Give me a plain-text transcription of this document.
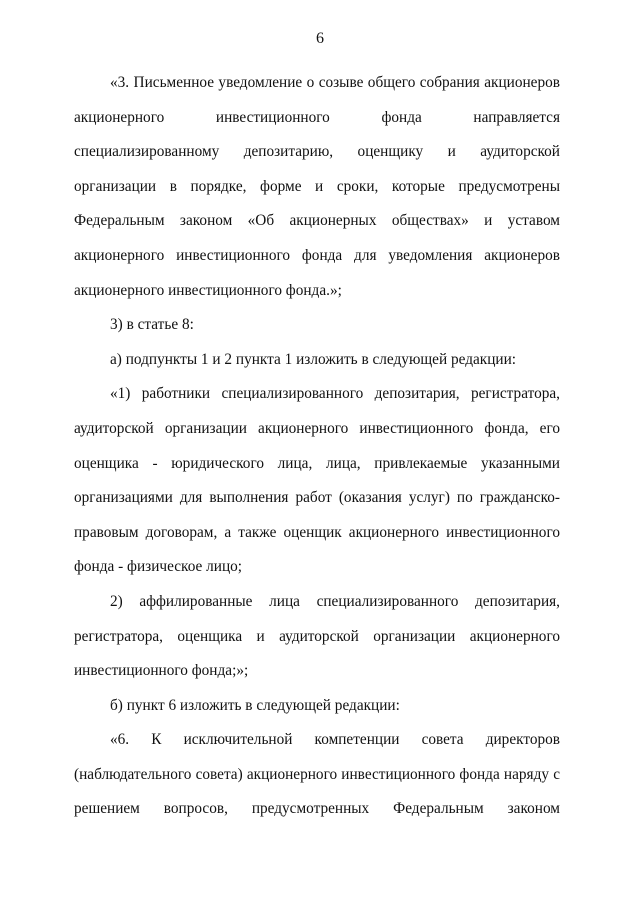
6

«3. Письменное уведомление о созыве общего собрания акционеров акционерного инвестиционного фонда направляется специализированному депозитарию, оценщику и аудиторской организации в порядке, форме и сроки, которые предусмотрены Федеральным законом «Об акционерных обществах» и уставом акционерного инвестиционного фонда для уведомления акционеров акционерного инвестиционного фонда.»;

3) в статье 8:

а) подпункты 1 и 2 пункта 1 изложить в следующей редакции:

«1) работники специализированного депозитария, регистратора, аудиторской организации акционерного инвестиционного фонда, его оценщика - юридического лица, лица, привлекаемые указанными организациями для выполнения работ (оказания услуг) по гражданско-правовым договорам, а также оценщик акционерного инвестиционного фонда - физическое лицо;

2) аффилированные лица специализированного депозитария, регистратора, оценщика и аудиторской организации акционерного инвестиционного фонда;»;

б) пункт 6 изложить в следующей редакции:

«6. К исключительной компетенции совета директоров (наблюдательного совета) акционерного инвестиционного фонда наряду с решением вопросов, предусмотренных Федеральным законом
